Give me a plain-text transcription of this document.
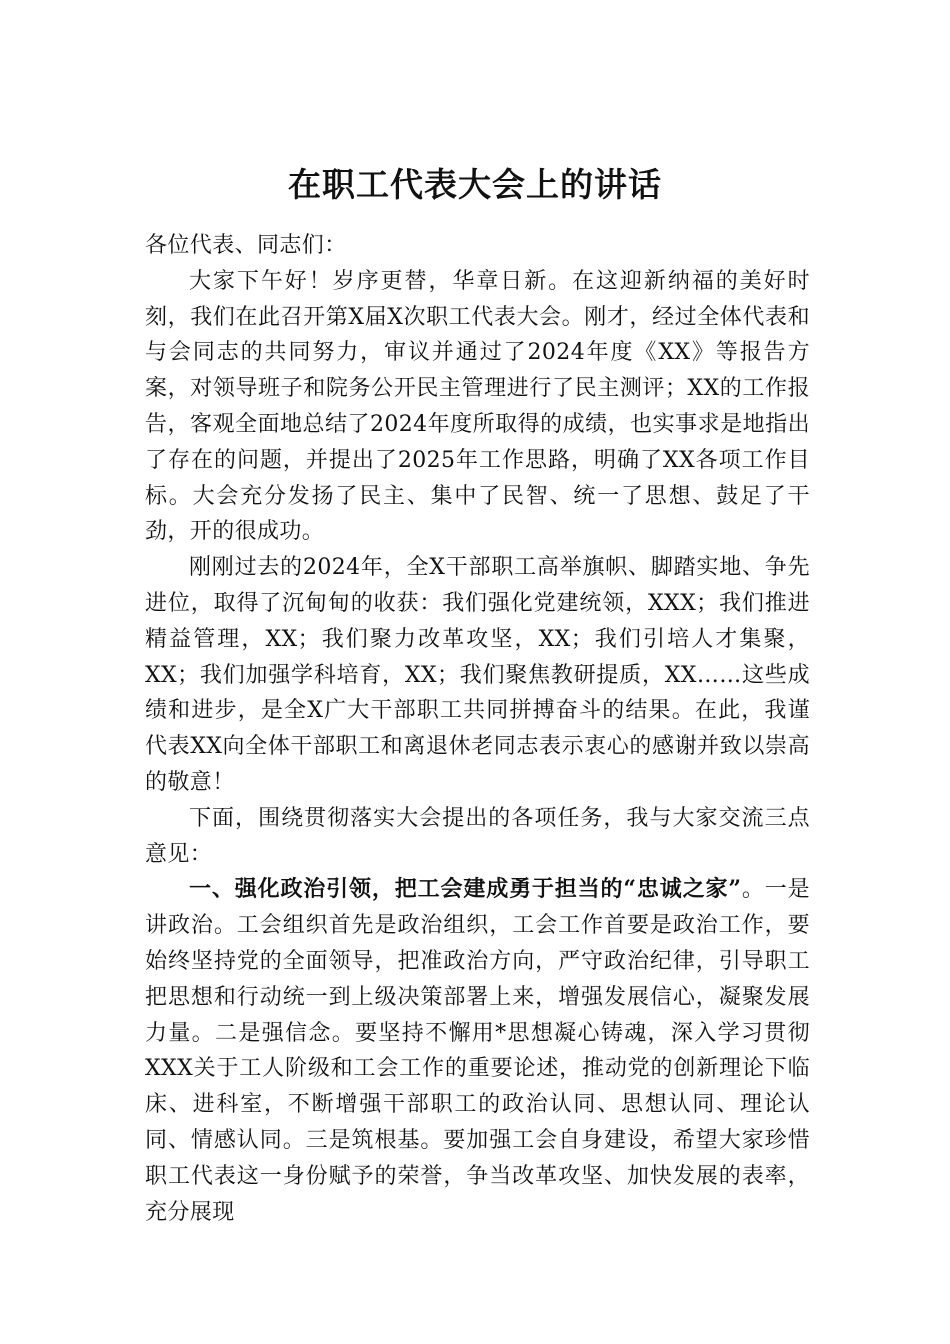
在职工代表大会上的讲话

各位代表、同志们：

大家下午好！岁序更替，华章日新。在这迎新纳福的美好时刻，我们在此召开第X届X次职工代表大会。刚才，经过全体代表和与会同志的共同努力，审议并通过了2024年度《XX》等报告方案，对领导班子和院务公开民主管理进行了民主测评；XX的工作报告，客观全面地总结了2024年度所取得的成绩，也实事求是地指出了存在的问题，并提出了2025年工作思路，明确了XX各项工作目标。大会充分发扬了民主、集中了民智、统一了思想、鼓足了干劲，开的很成功。

刚刚过去的2024年，全X干部职工高举旗帜、脚踏实地、争先进位，取得了沉甸甸的收获：我们强化党建统领，XXX；我们推进精益管理，XX；我们聚力改革攻坚，XX；我们引培人才集聚，XX；我们加强学科培育，XX；我们聚焦教研提质，XX……这些成绩和进步，是全X广大干部职工共同拼搏奋斗的结果。在此，我谨代表XX向全体干部职工和离退休老同志表示衷心的感谢并致以崇高的敬意！

下面，围绕贯彻落实大会提出的各项任务，我与大家交流三点意见：

一、强化政治引领，把工会建成勇于担当的“忠诚之家”。一是讲政治。工会组织首先是政治组织，工会工作首要是政治工作，要始终坚持党的全面领导，把准政治方向，严守政治纪律，引导职工把思想和行动统一到上级决策部署上来，增强发展信心，凝聚发展力量。二是强信念。要坚持不懈用*思想凝心铸魂，深入学习贯彻XXX关于工人阶级和工会工作的重要论述，推动党的创新理论下临床、进科室，不断增强干部职工的政治认同、思想认同、理论认同、情感认同。三是筑根基。要加强工会自身建设，希望大家珍惜职工代表这一身份赋予的荣誉，争当改革攻坚、加快发展的表率，充分展现
